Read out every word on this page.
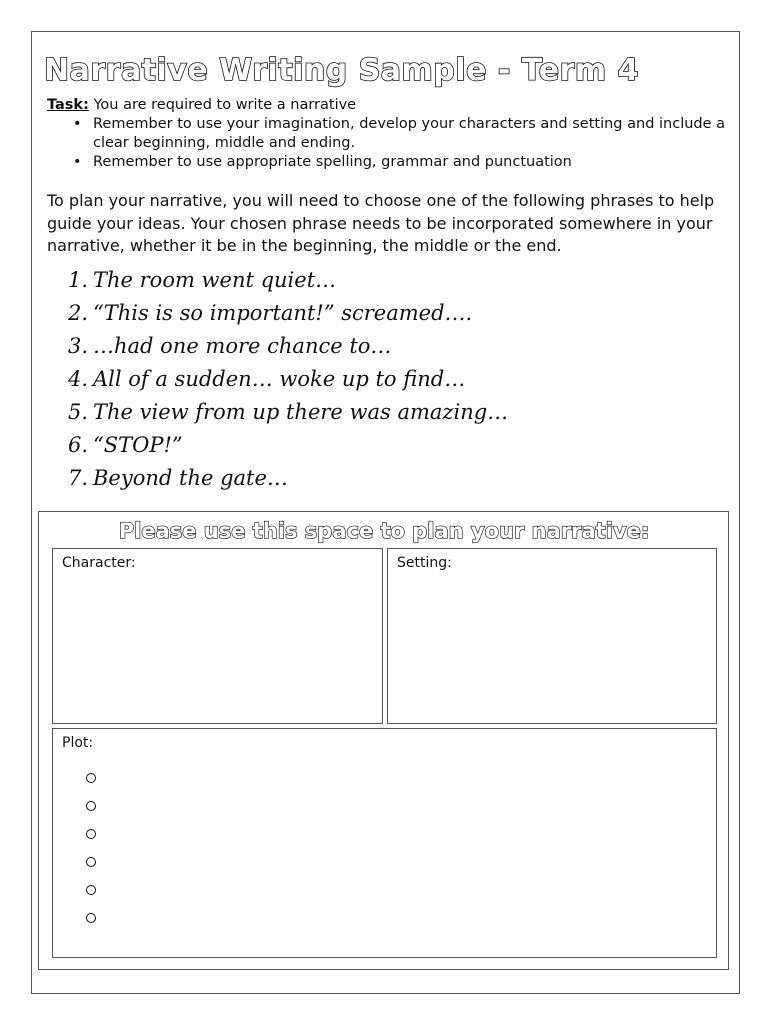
Narrative Writing Sample - Term 4
Task: You are required to write a narrative
• Remember to use your imagination, develop your characters and setting and include a clear beginning, middle and ending.
• Remember to use appropriate spelling, grammar and punctuation
To plan your narrative, you will need to choose one of the following phrases to help guide your ideas. Your chosen phrase needs to be incorporated somewhere in your narrative, whether it be in the beginning, the middle or the end.
1. The room went quiet…
2. “This is so important!” screamed….
3. …had one more chance to…
4. All of a sudden… woke up to find…
5. The view from up there was amazing…
6. “STOP!”
7. Beyond the gate…
Please use this space to plan your narrative:
Character:	Setting:
Plot:
